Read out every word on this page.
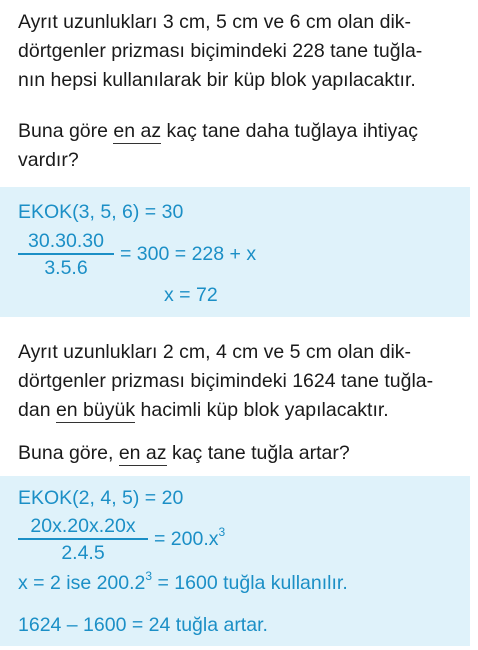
Ayrıt uzunlukları 3 cm, 5 cm ve 6 cm olan dik-
dörtgenler prizması biçimindeki 228 tane tuğla-
nın hepsi kullanılarak bir küp blok yapılacaktır.
Buna göre en az kaç tane daha tuğlaya ihtiyaç
vardır?
EKOK(3, 5, 6) = 30
30.30.30
3.5.6
= 300 = 228 + x
x = 72
Ayrıt uzunlukları 2 cm, 4 cm ve 5 cm olan dik-
dörtgenler prizması biçimindeki 1624 tane tuğla-
dan en büyük hacimli küp blok yapılacaktır.
Buna göre, en az kaç tane tuğla artar?
EKOK(2, 4, 5) = 20
20x.20x.20x
2.4.5
= $200.x^3$
x = 2 ise $200.2^3 = 1600$ tuğla kullanılır.
1624 – 1600 = 24 tuğla artar.
